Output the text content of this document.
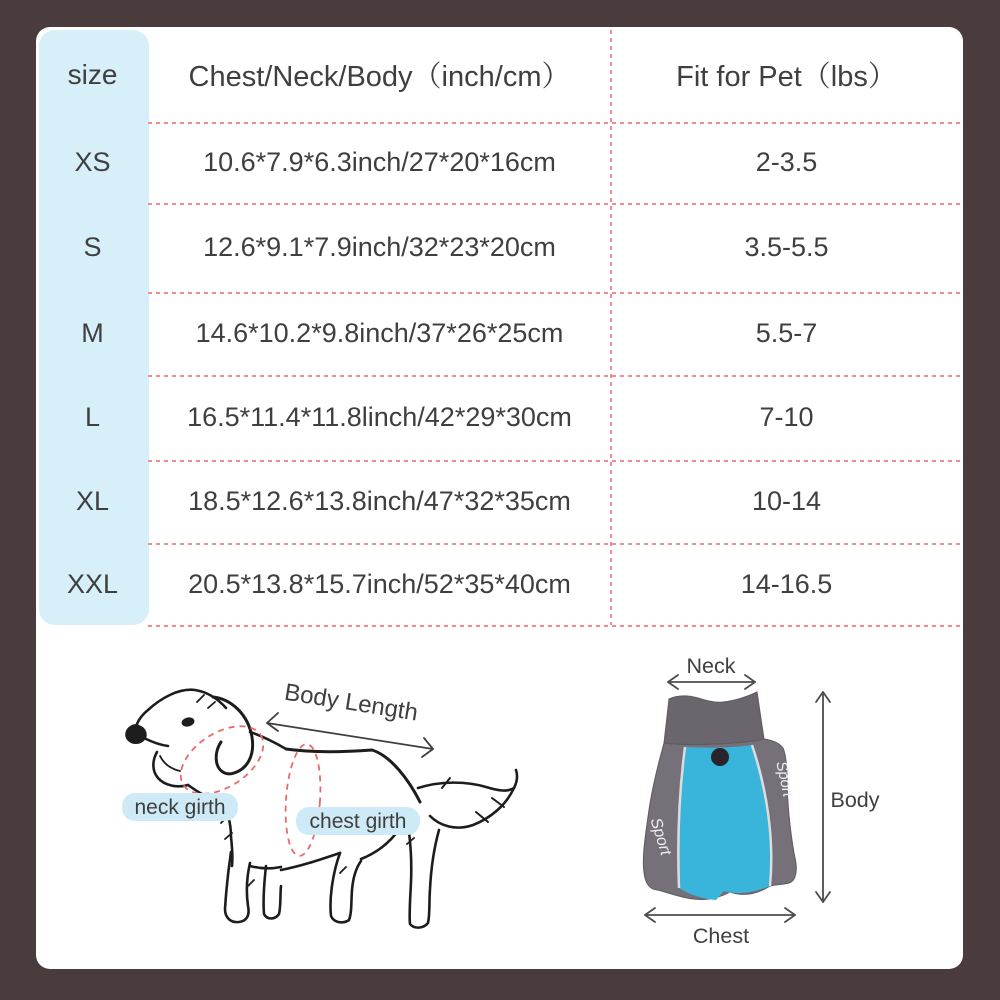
size	Chest/Neck/Body（inch/cm）	Fit for Pet（lbs）
XS	10.6*7.9*6.3inch/27*20*16cm	2-3.5
S	12.6*9.1*7.9inch/32*23*20cm	3.5-5.5
M	14.6*10.2*9.8inch/37*26*25cm	5.5-7
L	16.5*11.4*11.8linch/42*29*30cm	7-10
XL	18.5*12.6*13.8inch/47*32*35cm	10-14
XXL	20.5*13.8*15.7inch/52*35*40cm	14-16.5
Body Length
neck girth
chest girth	Sport
Sport
Neck
Body
Chest
